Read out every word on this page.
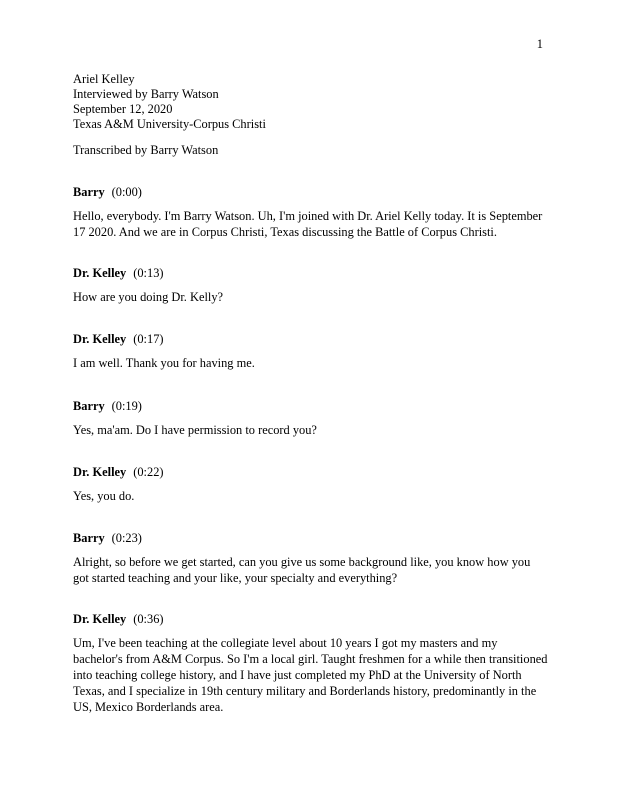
1
Ariel Kelley
Interviewed by Barry Watson
September 12, 2020
Texas A&M University-Corpus Christi
Transcribed by Barry Watson
Barry (0:00)
Hello, everybody. I'm Barry Watson. Uh, I'm joined with Dr. Ariel Kelly today. It is September 17 2020. And we are in Corpus Christi, Texas discussing the Battle of Corpus Christi.
Dr. Kelley (0:13)
How are you doing Dr. Kelly?
Dr. Kelley (0:17)
I am well. Thank you for having me.
Barry (0:19)
Yes, ma'am. Do I have permission to record you?
Dr. Kelley (0:22)
Yes, you do.
Barry (0:23)
Alright, so before we get started, can you give us some background like, you know how you got started teaching and your like, your specialty and everything?
Dr. Kelley (0:36)
Um, I've been teaching at the collegiate level about 10 years I got my masters and my bachelor's from A&M Corpus. So I'm a local girl. Taught freshmen for a while then transitioned into teaching college history, and I have just completed my PhD at the University of North Texas, and I specialize in 19th century military and Borderlands history, predominantly in the US, Mexico Borderlands area.
